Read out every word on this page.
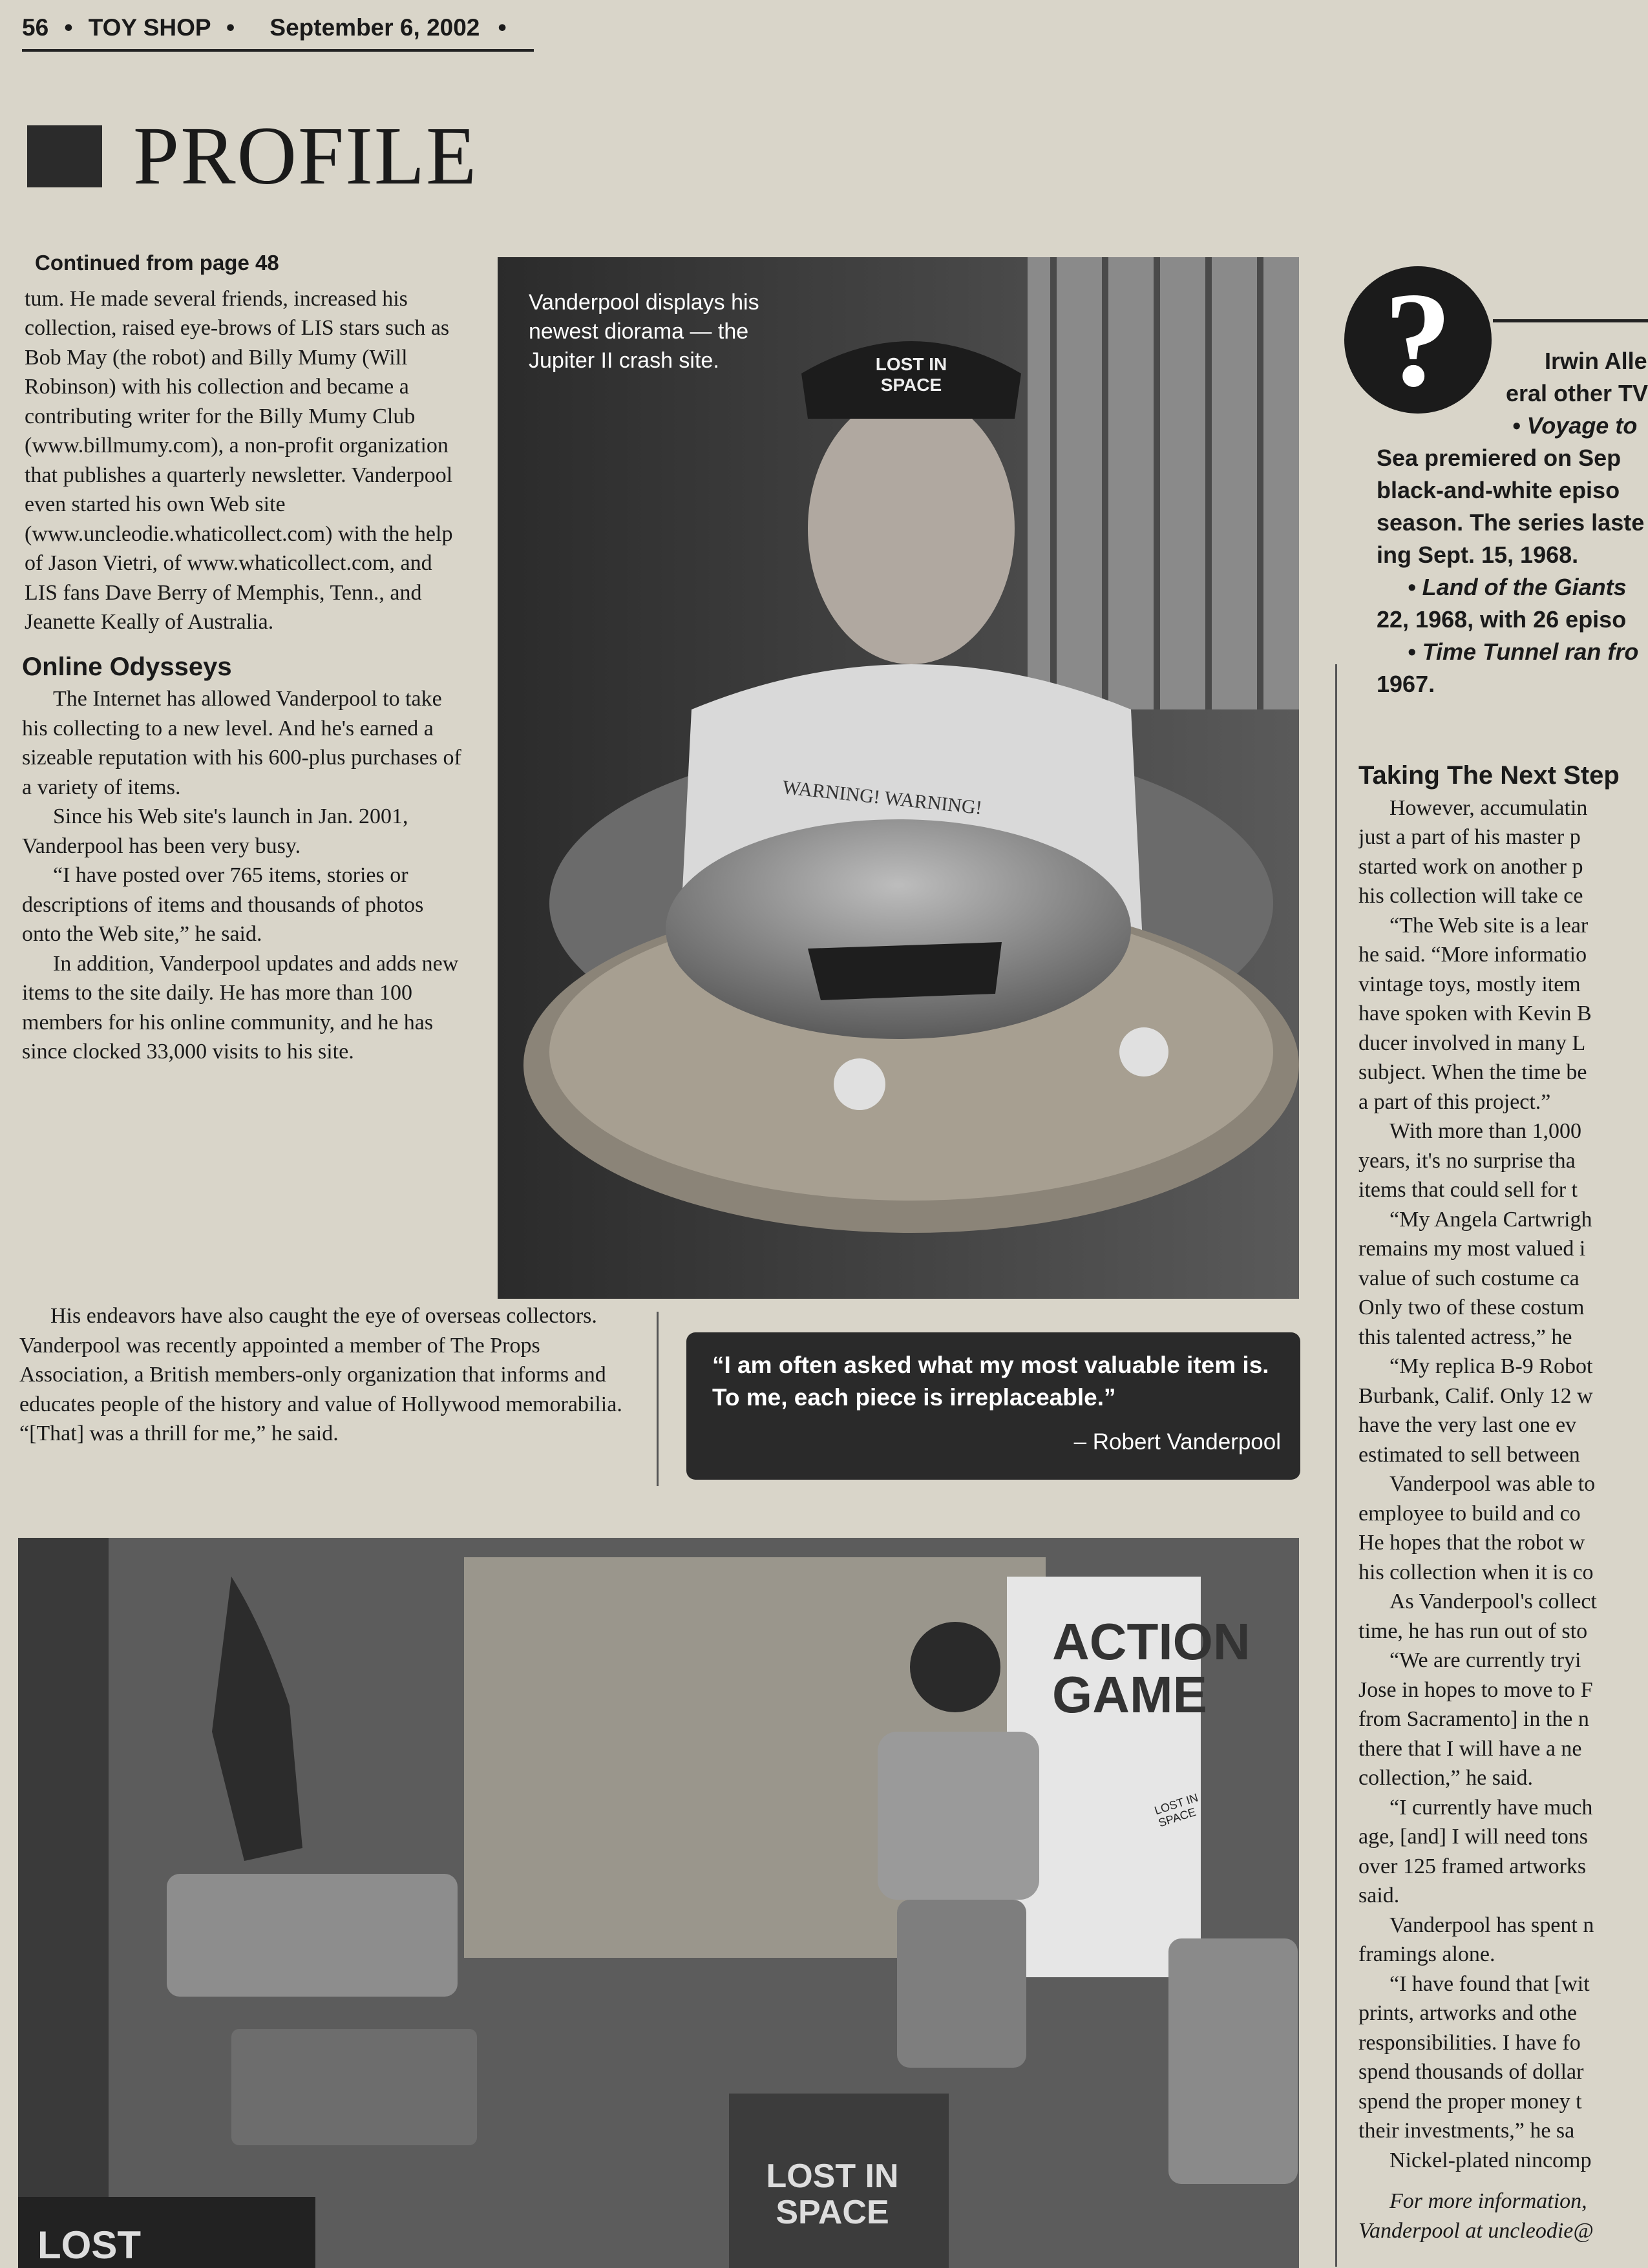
56 • TOY SHOP • September 6, 2002 •
PROFILE
Continued from page 48

tum. He made several friends, increased his collection, raised eye-brows of LIS stars such as Bob May (the robot) and Billy Mumy (Will Robinson) with his collection and became a contributing writer for the Billy Mumy Club (www.billmumy.com), a non-profit organization that publishes a quarterly newsletter. Vanderpool even started his own Web site (www.uncleodie.whaticollect.com) with the help of Jason Vietri, of www.whaticollect.com, and LIS fans Dave Berry of Memphis, Tenn., and Jeanette Keally of Australia.

Online Odysseys

The Internet has allowed Vanderpool to take his collecting to a new level. And he's earned a sizeable reputation with his 600-plus purchases of a variety of items.

Since his Web site's launch in Jan. 2001, Vanderpool has been very busy.

“I have posted over 765 items, stories or descriptions of items and thousands of photos onto the Web site,” he said.

In addition, Vanderpool updates and adds new items to the site daily. He has more than 100 members for his online community, and he has since clocked 33,000 visits to his site.

His endeavors have also caught the eye of overseas collectors. Vanderpool was recently appointed a member of The Props Association, a British members-only organization that informs and educates people of the history and value of Hollywood memorabilia. “[That] was a thrill for me,” he said.

Vanderpool displays his newest diorama — the Jupiter II crash site.	LOST IN SPACE
WARNING! WARNING!
“I am often asked what my most valuable item is. To me, each piece is irreplaceable.”
– Robert Vanderpool
?	Irwin Alle
eral other TV
• Voyage to
Sea premiered on Sep
black-and-white episo
season. The series laste
ing Sept. 15, 1968.
• Land of the Giants
22, 1968, with 26 episo
• Time Tunnel ran fro
1967.
Taking The Next Step

However, accumulatin

just a part of his master p

started work on another p

his collection will take ce

“The Web site is a lear

he said. “More informatio

vintage toys, mostly item

have spoken with Kevin B

ducer involved in many L

subject. When the time be

a part of this project.”

With more than 1,000

years, it's no surprise tha

items that could sell for t

“My Angela Cartwrigh

remains my most valued i

value of such costume ca

Only two of these costum

this talented actress,” he

“My replica B-9 Robot

Burbank, Calif. Only 12 w

have the very last one ev

estimated to sell between

Vanderpool was able to

employee to build and co

He hopes that the robot w

his collection when it is co

As Vanderpool's collect

time, he has run out of sto

“We are currently tryi

Jose in hopes to move to F

from Sacramento] in the n

there that I will have a ne

collection,” he said.

“I currently have much

age, [and] I will need tons

over 125 framed artworks

said.

Vanderpool has spent n

framings alone.

“I have found that [wit

prints, artworks and othe

responsibilities. I have fo

spend thousands of dollar

spend the proper money t

their investments,” he sa

Nickel-plated nincomp

For more information,
Vanderpool at uncleodie@
ACTION GAME
LOST IN SPACE
LOST
LOST IN SPACE
